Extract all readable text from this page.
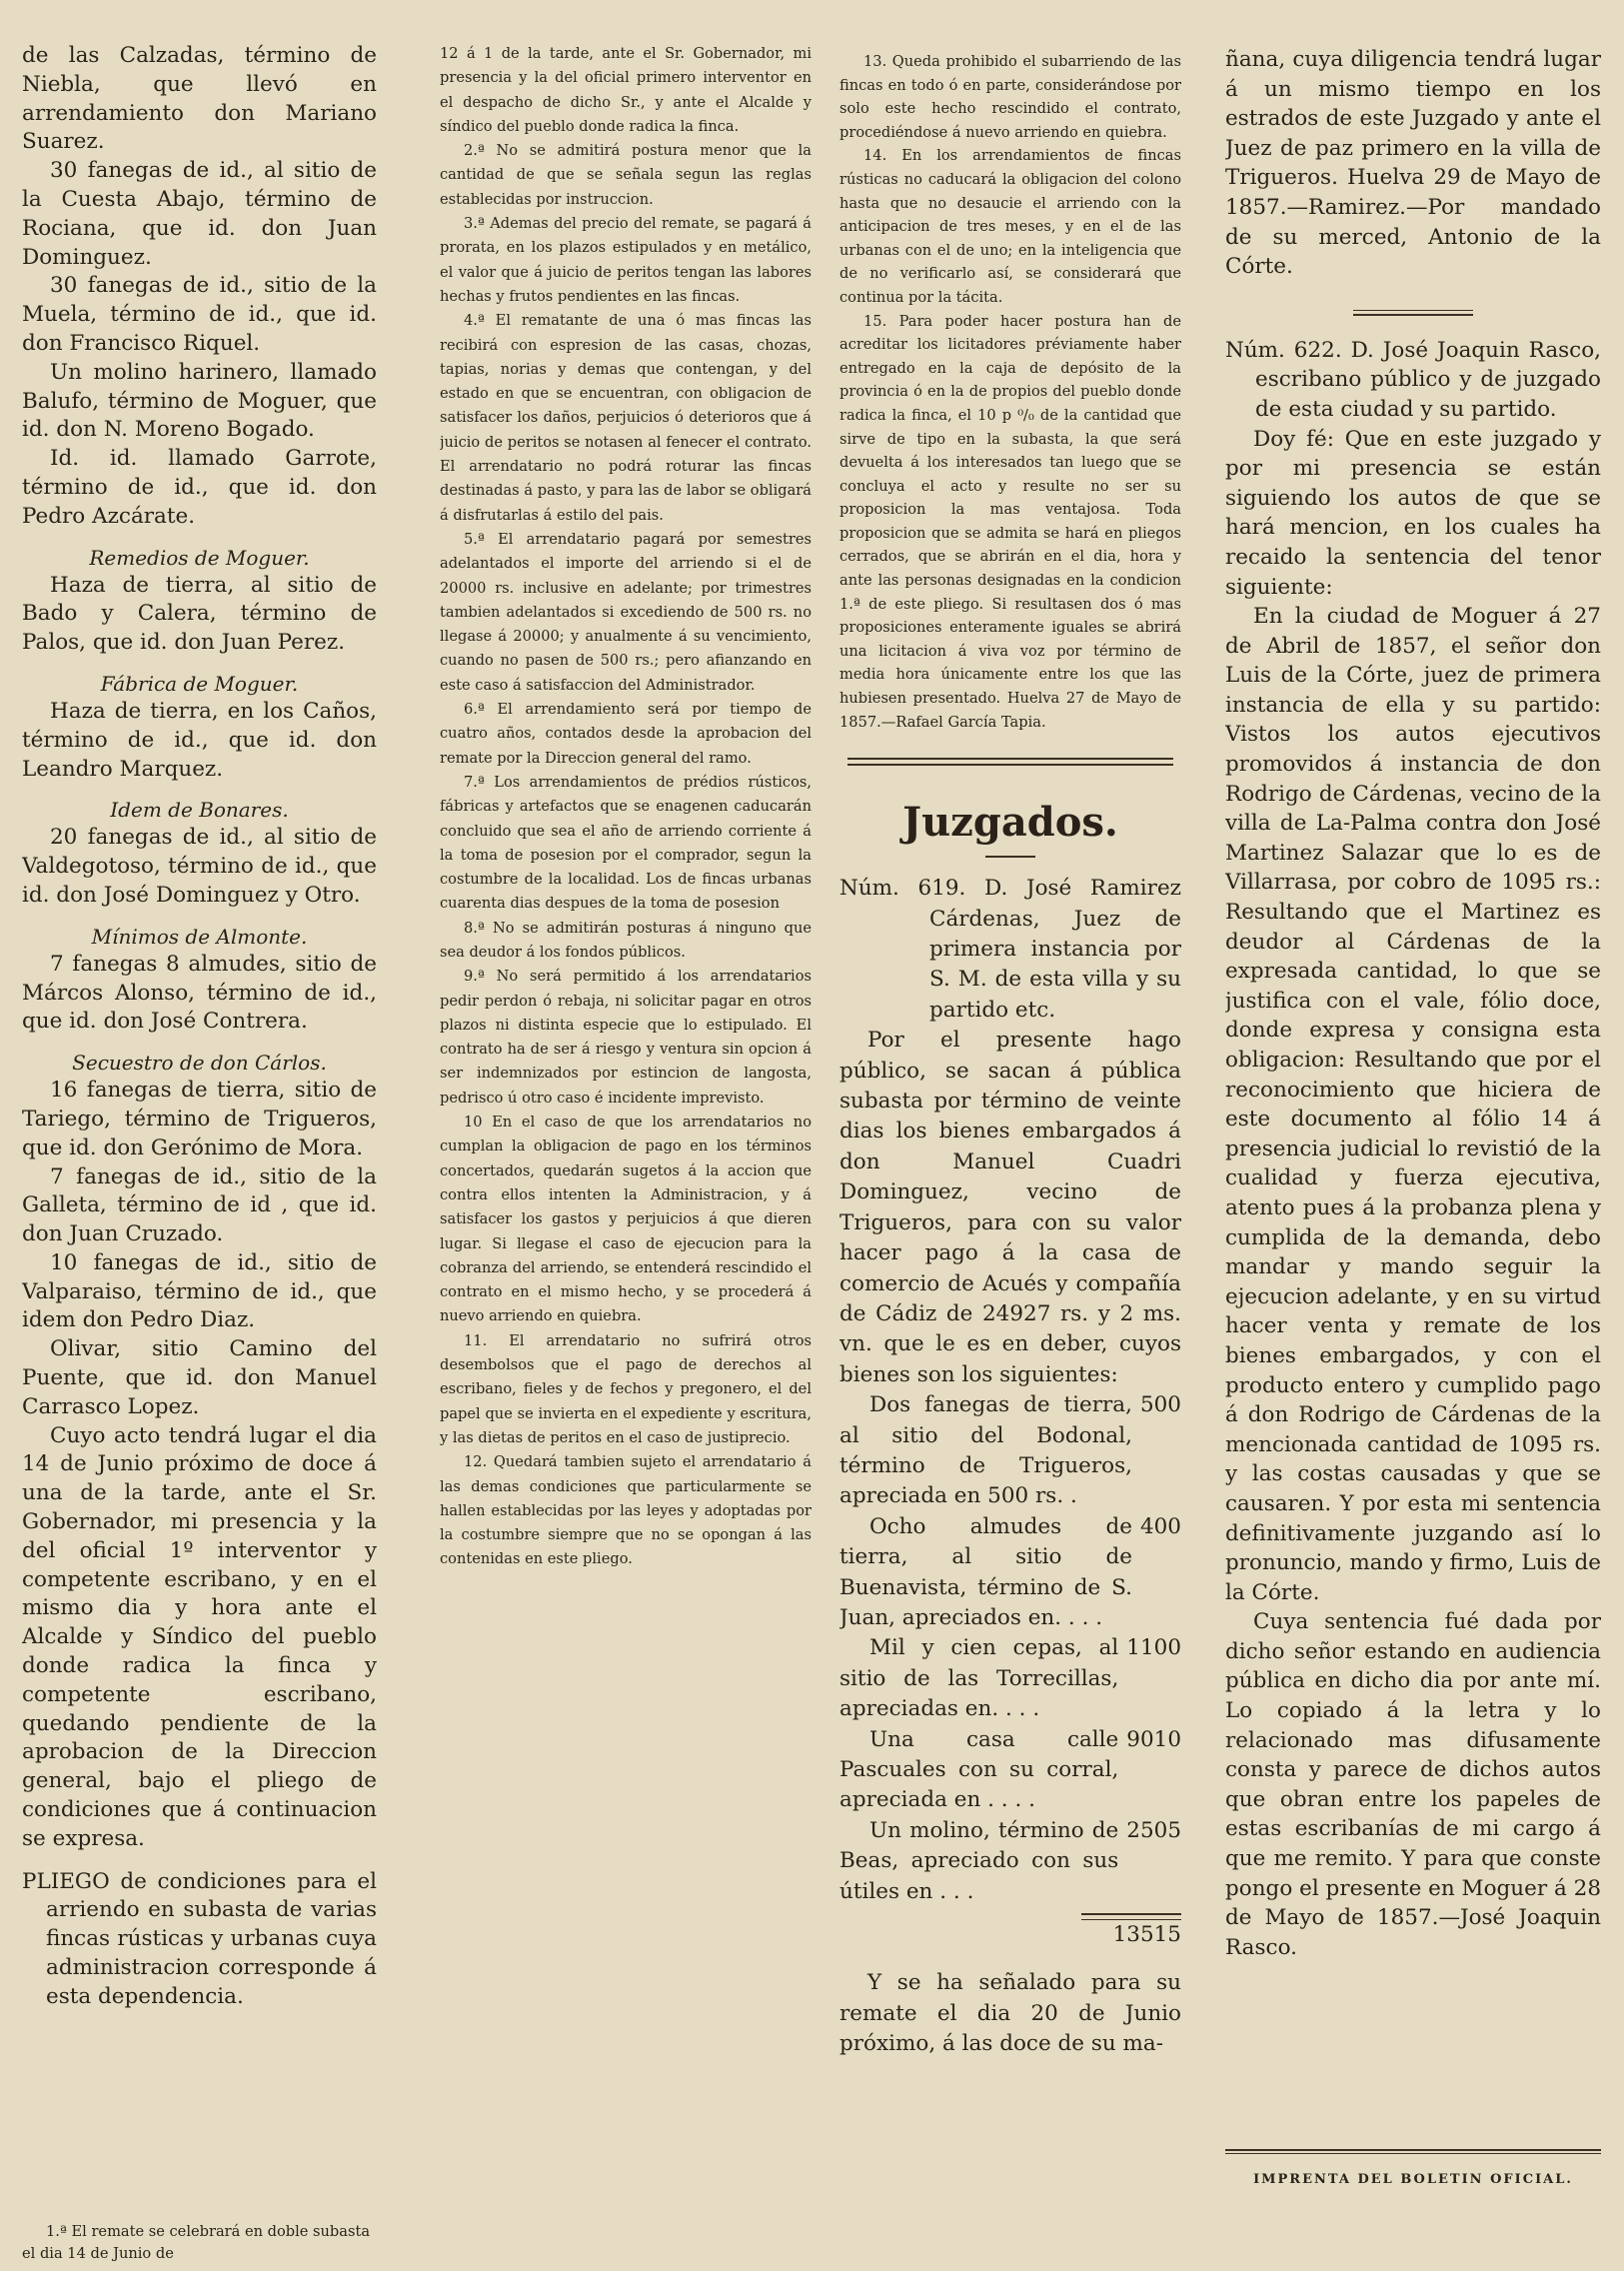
de las Calzadas, término de Niebla, que llevó en arrendamiento don Mariano Suarez.

30 fanegas de id., al sitio de la Cuesta Abajo, término de Rociana, que id. don Juan Dominguez.

30 fanegas de id., sitio de la Muela, término de id., que id. don Francisco Riquel.

Un molino harinero, llamado Balufo, término de Moguer, que id. don N. Moreno Bogado.

Id. id. llamado Garrote, término de id., que id. don Pedro Azcárate.

Remedios de Moguer.

Haza de tierra, al sitio de Bado y Calera, término de Palos, que id. don Juan Perez.

Fábrica de Moguer.

Haza de tierra, en los Caños, término de id., que id. don Leandro Marquez.

Idem de Bonares.

20 fanegas de id., al sitio de Valdegotoso, término de id., que id. don José Dominguez y Otro.

Mínimos de Almonte.

7 fanegas 8 almudes, sitio de Márcos Alonso, término de id., que id. don José Contrera.

Secuestro de don Cárlos.

16 fanegas de tierra, sitio de Tariego, término de Trigueros, que id. don Gerónimo de Mora.

7 fanegas de id., sitio de la Galleta, término de id , que id. don Juan Cruzado.

10 fanegas de id., sitio de Valparaiso, término de id., que idem don Pedro Diaz.

Olivar, sitio Camino del Puente, que id. don Manuel Carrasco Lopez.

Cuyo acto tendrá lugar el dia 14 de Junio próximo de doce á una de la tarde, ante el Sr. Gobernador, mi presencia y la del oficial 1º interventor y competente escribano, y en el mismo dia y hora ante el Alcalde y Síndico del pueblo donde radica la finca y competente escribano, quedando pendiente de la aprobacion de la Direccion general, bajo el pliego de condiciones que á continuacion se expresa.

PLIEGO de condiciones para el arriendo en subasta de varias fincas rústicas y urbanas cuya administracion corresponde á esta dependencia.

1.ª El remate se celebrará en doble subasta el dia 14 de Junio de

12 á 1 de la tarde, ante el Sr. Gobernador, mi presencia y la del oficial primero interventor en el despacho de dicho Sr., y ante el Alcalde y síndico del pueblo donde radica la finca.

2.ª No se admitirá postura menor que la cantidad de que se señala segun las reglas establecidas por instruccion.

3.ª Ademas del precio del remate, se pagará á prorata, en los plazos estipulados y en metálico, el valor que á juicio de peritos tengan las labores hechas y frutos pendientes en las fincas.

4.ª El rematante de una ó mas fincas las recibirá con espresion de las casas, chozas, tapias, norias y demas que contengan, y del estado en que se encuentran, con obligacion de satisfacer los daños, perjuicios ó deterioros que á juicio de peritos se notasen al fenecer el contrato. El arrendatario no podrá roturar las fincas destinadas á pasto, y para las de labor se obligará á disfrutarlas á estilo del pais.

5.ª El arrendatario pagará por semestres adelantados el importe del arriendo si el de 20000 rs. inclusive en adelante; por trimestres tambien adelantados si excediendo de 500 rs. no llegase á 20000; y anualmente á su vencimiento, cuando no pasen de 500 rs.; pero afianzando en este caso á satisfaccion del Administrador.

6.ª El arrendamiento será por tiempo de cuatro años, contados desde la aprobacion del remate por la Direccion general del ramo.

7.ª Los arrendamientos de prédios rústicos, fábricas y artefactos que se enagenen caducarán concluido que sea el año de arriendo corriente á la toma de posesion por el comprador, segun la costumbre de la localidad. Los de fincas urbanas cuarenta dias despues de la toma de posesion

8.ª No se admitirán posturas á ninguno que sea deudor á los fondos públicos.

9.ª No será permitido á los arrendatarios pedir perdon ó rebaja, ni solicitar pagar en otros plazos ni distinta especie que lo estipulado. El contrato ha de ser á riesgo y ventura sin opcion á ser indemnizados por estincion de langosta, pedrisco ú otro caso é incidente imprevisto.

10 En el caso de que los arrendatarios no cumplan la obligacion de pago en los términos concertados, quedarán sugetos á la accion que contra ellos intenten la Administracion, y á satisfacer los gastos y perjuicios á que dieren lugar. Si llegase el caso de ejecucion para la cobranza del arriendo, se entenderá rescindido el contrato en el mismo hecho, y se procederá á nuevo arriendo en quiebra.

11. El arrendatario no sufrirá otros desembolsos que el pago de derechos al escribano, fieles y de fechos y pregonero, el del papel que se invierta en el expediente y escritura, y las dietas de peritos en el caso de justiprecio.

12. Quedará tambien sujeto el arrendatario á las demas condiciones que particularmente se hallen establecidas por las leyes y adoptadas por la costumbre siempre que no se opongan á las contenidas en este pliego.

13. Queda prohibido el subarriendo de las fincas en todo ó en parte, considerándose por solo este hecho rescindido el contrato, procediéndose á nuevo arriendo en quiebra.

14. En los arrendamientos de fincas rústicas no caducará la obligacion del colono hasta que no desaucie el arriendo con la anticipacion de tres meses, y en el de las urbanas con el de uno; en la inteligencia que de no verificarlo así, se considerará que continua por la tácita.

15. Para poder hacer postura han de acreditar los licitadores préviamente haber entregado en la caja de depósito de la provincia ó en la de propios del pueblo donde radica la finca, el 10 p ⁰/₀ de la cantidad que sirve de tipo en la subasta, la que será devuelta á los interesados tan luego que se concluya el acto y resulte no ser su proposicion la mas ventajosa. Toda proposicion que se admita se hará en pliegos cerrados, que se abrirán en el dia, hora y ante las personas designadas en la condicion 1.ª de este pliego. Si resultasen dos ó mas proposiciones enteramente iguales se abrirá una licitacion á viva voz por término de media hora únicamente entre los que las hubiesen presentado. Huelva 27 de Mayo de 1857.—Rafael García Tapia.

Juzgados.

Núm. 619. D. José Ramirez Cárdenas, Juez de primera instancia por S. M. de esta villa y su partido etc.

Por el presente hago público, se sacan á pública subasta por término de veinte dias los bienes embargados á don Manuel Cuadri Dominguez, vecino de Trigueros, para con su valor hacer pago á la casa de comercio de Acués y compañía de Cádiz de 24927 rs. y 2 ms. vn. que le es en deber, cuyos bienes son los siguientes:

Dos fanegas de tierra, al sitio del Bodonal, término de Trigueros, apreciada en 500 rs. .
500
Ocho almudes de tierra, al sitio de Buenavista, término de S. Juan, apreciados en. . . .
400
Mil y cien cepas, al sitio de las Torrecillas, apreciadas en. . . .
1100
Una casa calle Pascuales con su corral, apreciada en . . . .
9010
Un molino, término de Beas, apreciado con sus útiles en . . .
2505

13515

Y se ha señalado para su remate el dia 20 de Junio próximo, á las doce de su ma-

ñana, cuya diligencia tendrá lugar á un mismo tiempo en los estrados de este Juzgado y ante el Juez de paz primero en la villa de Trigueros. Huelva 29 de Mayo de 1857.—Ramirez.—Por mandado de su merced, Antonio de la Córte.

Núm. 622. D. José Joaquin Rasco, escribano público y de juzgado de esta ciudad y su partido.

Doy fé: Que en este juzgado y por mi presencia se están siguiendo los autos de que se hará mencion, en los cuales ha recaido la sentencia del tenor siguiente:

En la ciudad de Moguer á 27 de Abril de 1857, el señor don Luis de la Córte, juez de primera instancia de ella y su partido: Vistos los autos ejecutivos promovidos á instancia de don Rodrigo de Cárdenas, vecino de la villa de La-Palma contra don José Martinez Salazar que lo es de Villarrasa, por cobro de 1095 rs.: Resultando que el Martinez es deudor al Cárdenas de la expresada cantidad, lo que se justifica con el vale, fólio doce, donde expresa y consigna esta obligacion: Resultando que por el reconocimiento que hiciera de este documento al fólio 14 á presencia judicial lo revistió de la cualidad y fuerza ejecutiva, atento pues á la probanza plena y cumplida de la demanda, debo mandar y mando seguir la ejecucion adelante, y en su virtud hacer venta y remate de los bienes embargados, y con el producto entero y cumplido pago á don Rodrigo de Cárdenas de la mencionada cantidad de 1095 rs. y las costas causadas y que se causaren. Y por esta mi sentencia definitivamente juzgando así lo pronuncio, mando y firmo, Luis de la Córte.

Cuya sentencia fué dada por dicho señor estando en audiencia pública en dicho dia por ante mí. Lo copiado á la letra y lo relacionado mas difusamente consta y parece de dichos autos que obran entre los papeles de estas escribanías de mi cargo á que me remito. Y para que conste pongo el presente en Moguer á 28 de Mayo de 1857.—José Joaquin Rasco.

IMPRENTA DEL BOLETIN OFICIAL.
